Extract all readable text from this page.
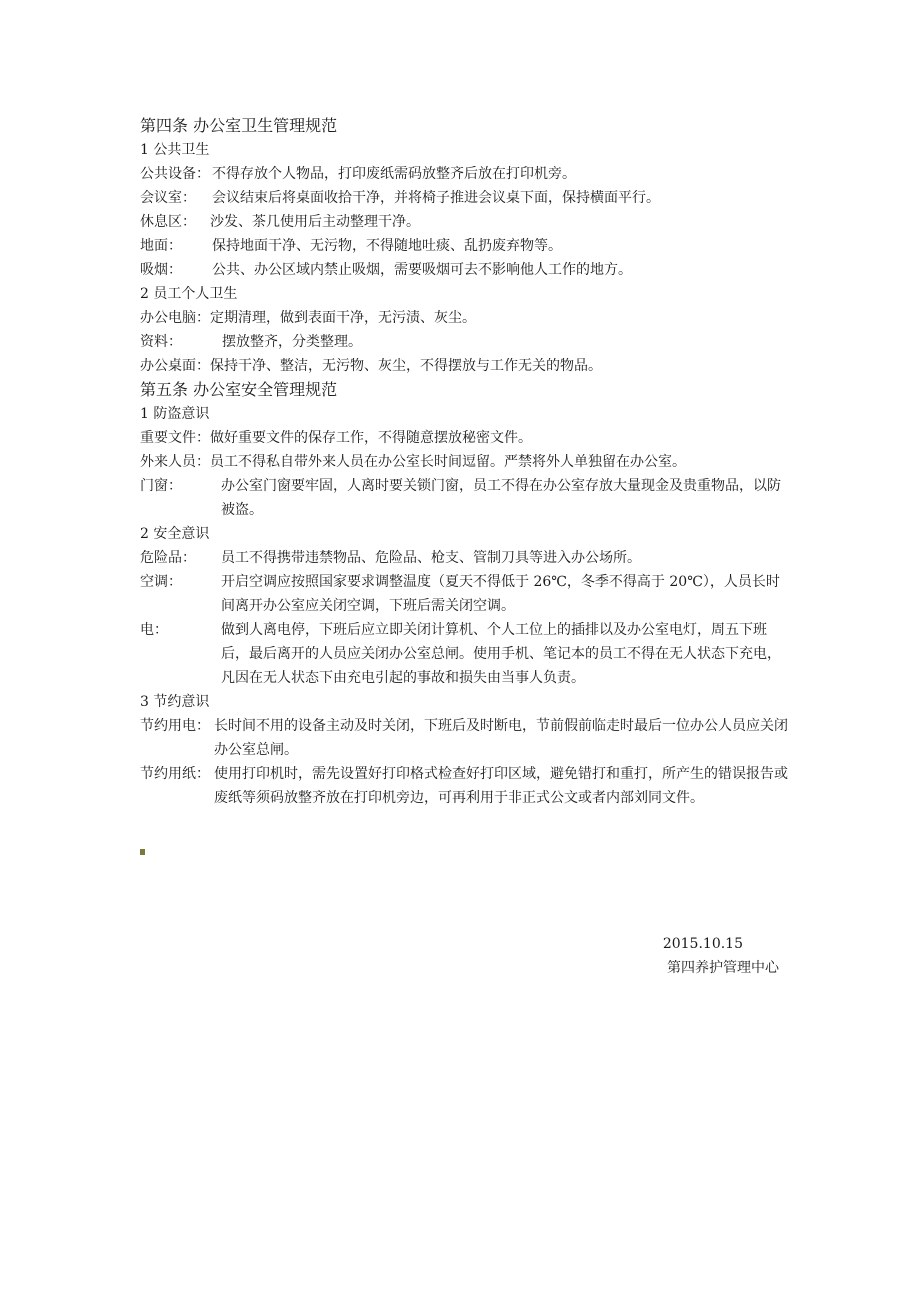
第四条 办公室卫生管理规范
1 公共卫生
公共设备： 不得存放个人物品，打印废纸需码放整齐后放在打印机旁。
会议室：	会议结束后将桌面收拾干净，并将椅子推进会议桌下面，保持横面平行。
休息区：	沙发、茶几使用后主动整理干净。
地面：	保持地面干净、无污物，不得随地吐痰、乱扔废弃物等。
吸烟：	公共、办公区域内禁止吸烟，需要吸烟可去不影响他人工作的地方。
2 员工个人卫生
办公电脑： 定期清理，做到表面干净，无污渍、灰尘。
资料：	摆放整齐，分类整理。
办公桌面： 保持干净、整洁，无污物、灰尘，不得摆放与工作无关的物品。
第五条 办公室安全管理规范
1 防盗意识
重要文件： 做好重要文件的保存工作，不得随意摆放秘密文件。
外来人员： 员工不得私自带外来人员在办公室长时间逗留。严禁将外人单独留在办公室。
门窗：	办公室门窗要牢固，人离时要关锁门窗，员工不得在办公室存放大量现金及贵重物品，以防被盗。
2 安全意识
危险品：	员工不得携带违禁物品、危险品、枪支、管制刀具等进入办公场所。
空调：	开启空调应按照国家要求调整温度（夏天不得低于 26℃，冬季不得高于 20℃），人员长时间离开办公室应关闭空调，下班后需关闭空调。
电：	做到人离电停，下班后应立即关闭计算机、个人工位上的插排以及办公室电灯，周五下班后，最后离开的人员应关闭办公室总闸。使用手机、笔记本的员工不得在无人状态下充电，凡因在无人状态下由充电引起的事故和损失由当事人负责。
3 节约意识
节约用电： 长时间不用的设备主动及时关闭，下班后及时断电，节前假前临走时最后一位办公人员应关闭办公室总闸。
节约用纸： 使用打印机时，需先设置好打印格式检查好打印区域，避免错打和重打，所产生的错误报告或废纸等须码放整齐放在打印机旁边，可再利用于非正式公文或者内部刘同文件。
2015.10.15
第四养护管理中心
